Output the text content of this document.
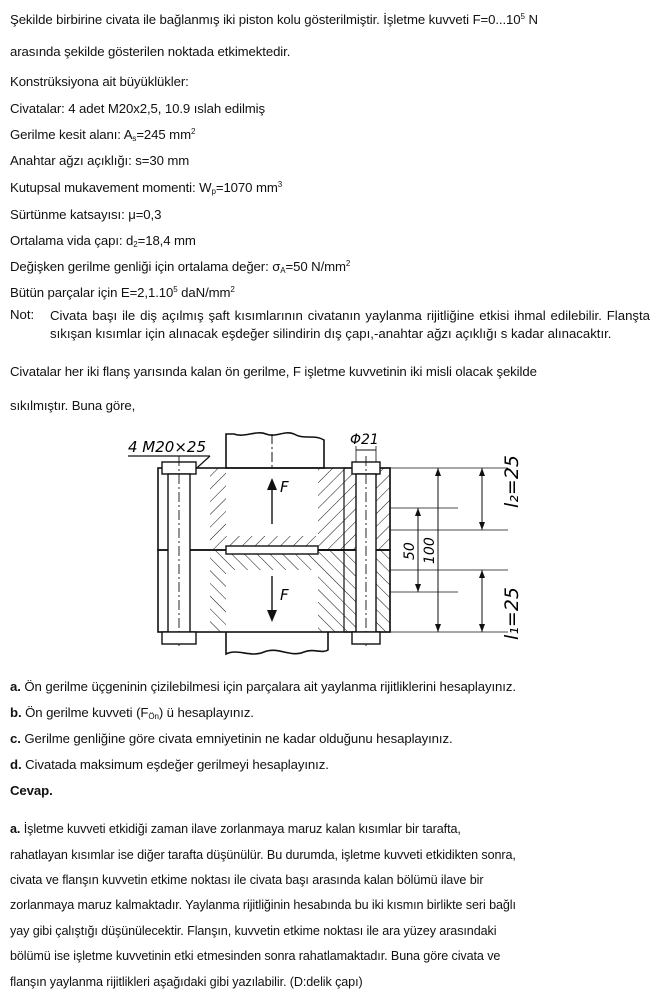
Şekilde birbirine civata ile bağlanmış iki piston kolu gösterilmiştir. İşletme kuvveti $F=0...10^5$ N

arasında şekilde gösterilen noktada etkimektedir.

Konstrüksiyona ait büyüklükler:

Civatalar: 4 adet M20x2,5, 10.9 ıslah edilmiş

Gerilme kesit alanı: $A_s=245$ $mm^2$

Anahtar ağzı açıklığı: s=30 mm

Kutupsal mukavement momenti: $W_p=1070$ $mm^3$

Sürtünme katsayısı: μ=0,3

Ortalama vida çapı: $d_2=18,4$ mm

Değişken gerilme genliği için ortalama değer: $\sigma_A=50$ $N/mm^2$

Bütün parçalar için $E=2,1.10^5$ daN/$mm^2$

Not: Civata başı ile diş açılmış şaft kısımlarının civatanın yaylanma rijitliğine etkisi ihmal edilebilir. Flanşta sıkışan kısımlar için alınacak eşdeğer silindirin dış çapı,-anahtar ağzı açıklığı s kadar alınacaktır.

Civatalar her iki flanş yarısında kalan ön gerilme, F işletme kuvvetinin iki misli olacak şekilde

sıkılmıştır. Buna göre,

4 M20×25	Φ21
F
F
50 100
l₂=25
l₁=25

a. Ön gerilme üçgeninin çizilebilmesi için parçalara ait yaylanma rijitliklerini hesaplayınız.

b. Ön gerilme kuvveti $(F_{Ön})$ ü hesaplayınız.

c. Gerilme genliğine göre civata emniyetinin ne kadar olduğunu hesaplayınız.

d. Civatada maksimum eşdeğer gerilmeyi hesaplayınız.

Cevap.

a. İşletme kuvveti etkidiği zaman ilave zorlanmaya maruz kalan kısımlar bir tarafta,

rahatlayan kısımlar ise diğer tarafta düşünülür. Bu durumda, işletme kuvveti etkidikten sonra,

civata ve flanşın kuvvetin etkime noktası ile civata başı arasında kalan bölümü ilave bir

zorlanmaya maruz kalmaktadır. Yaylanma rijitliğinin hesabında bu iki kısmın birlikte seri bağlı

yay gibi çalıştığı düşünülecektir. Flanşın, kuvvetin etkime noktası ile ara yüzey arasındaki

bölümü ise işletme kuvvetinin etki etmesinden sonra rahatlamaktadır. Buna göre civata ve

flanşın yaylanma rijitlikleri aşağıdaki gibi yazılabilir. (D:delik çapı)
